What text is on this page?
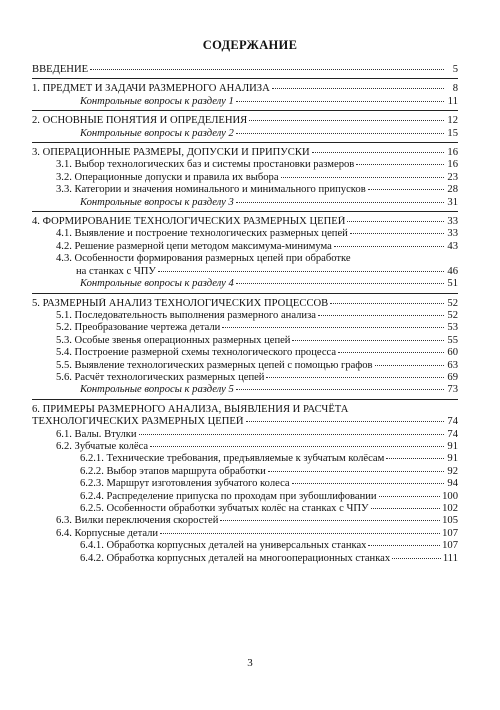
СОДЕРЖАНИЕ
ВВЕДЕНИЕ	5
1. ПРЕДМЕТ И ЗАДАЧИ РАЗМЕРНОГО АНАЛИЗА	8
Контрольные вопросы к разделу 1	11
2. ОСНОВНЫЕ ПОНЯТИЯ И ОПРЕДЕЛЕНИЯ	12
Контрольные вопросы к разделу 2	15
3. ОПЕРАЦИОННЫЕ РАЗМЕРЫ, ДОПУСКИ И ПРИПУСКИ	16
3.1. Выбор технологических баз и системы простановки размеров	16
3.2. Операционные допуски и правила их выбора	23
3.3. Категории и значения номинального и минимального припусков	28
Контрольные вопросы к разделу 3	31
4. ФОРМИРОВАНИЕ ТЕХНОЛОГИЧЕСКИХ РАЗМЕРНЫХ ЦЕПЕЙ	33
4.1. Выявление и построение технологических размерных цепей	33
4.2. Решение размерной цепи методом максимума-минимума	43
4.3. Особенности формирования размерных цепей при обработке
на станках с ЧПУ	46
Контрольные вопросы к разделу 4	51
5. РАЗМЕРНЫЙ АНАЛИЗ ТЕХНОЛОГИЧЕСКИХ ПРОЦЕССОВ	52
5.1. Последовательность выполнения размерного анализа	52
5.2. Преобразование чертежа детали	53
5.3. Особые звенья операционных размерных цепей	55
5.4. Построение размерной схемы технологического процесса	60
5.5. Выявление технологических размерных цепей с помощью графов	63
5.6. Расчёт технологических размерных цепей	69
Контрольные вопросы к разделу 5	73
6. ПРИМЕРЫ РАЗМЕРНОГО АНАЛИЗА, ВЫЯВЛЕНИЯ И РАСЧЁТА
ТЕХНОЛОГИЧЕСКИХ РАЗМЕРНЫХ ЦЕПЕЙ	74
6.1. Валы. Втулки	74
6.2. Зубчатые колёса	91
6.2.1. Технические требования, предъявляемые к зубчатым колёсам	91
6.2.2. Выбор этапов маршрута обработки	92
6.2.3. Маршрут изготовления зубчатого колеса	94
6.2.4. Распределение припуска по проходам при зубошлифовании	100
6.2.5. Особенности обработки зубчатых колёс на станках с ЧПУ	102
6.3. Вилки переключения скоростей	105
6.4. Корпусные детали	107
6.4.1. Обработка корпусных деталей на универсальных станках	107
6.4.2. Обработка корпусных деталей на многооперационных станках	111
3
